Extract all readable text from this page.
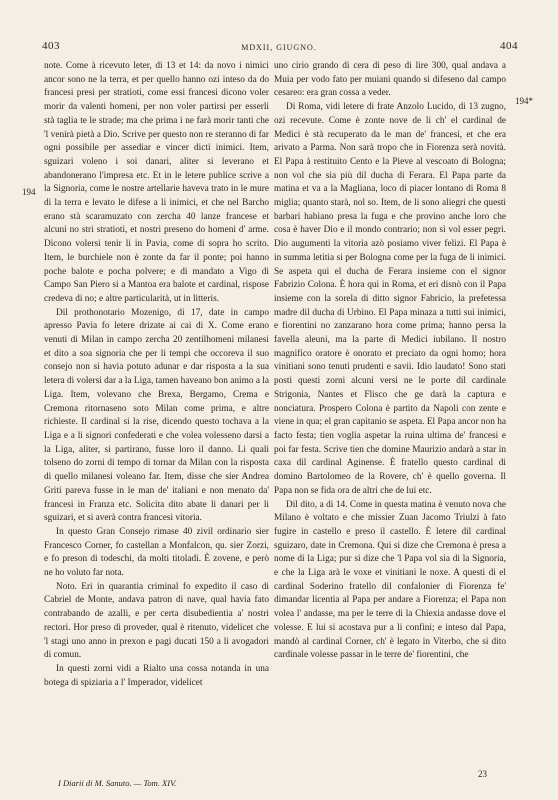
403	MDXII, GIUGNO.	404
194
194*

note. Come à ricevuto leter, di 13 et 14: da novo i nimici ancor sono ne la terra, et per quello hanno ozi inteso da do francesi presi per stratioti, come essi francesi dicono voler morir da valenti homeni, per non voler partirsi per esserli stà taglia te le strade; ma che prima i ne farà morir tanti che 'l venirà pietà a Dio. Scrive per questo non re steranno di far ogni possibile per assediar e vincer dicti inimici. Item, sguizari voleno i soi danari, aliter si leverano et abandonerano l'impresa etc. Et in le letere publice scrive a la Signoria, come le nostre artellarie haveva trato in le mure di la terra e levato le difese a li inimici, et che nel Barcho erano stà scaramuzato con zercha 40 lanze francese et alcuni no stri stratioti, et nostri preseno do homeni d' arme. Dicono volersi tenir li in Pavia, come di sopra ho scrito. Item, le burchiele non è zonte da far il ponte; poi hanno poche balote e pocha polvere; e di mandato a Vigo di Campo San Piero si a Mantoa era balote et cardinal, rispose credeva di no; e altre particularità, ut in litteris.

Dil prothonotario Mozenigo, di 17, date in campo apresso Pavia fo letere drizate ai cai di X. Come erano venuti di Milan in campo zercha 20 zentilhomeni milanesi et dito a soa signoria che per li tempi che occoreva il suo consejo non si havia potuto adunar e dar risposta a la sua letera di volersi dar a la Liga, tamen haveano bon animo a la Liga. Item, volevano che Brexa, Bergamo, Crema e Cremona ritornaseno soto Milan come prima, e altre richieste. Il cardinal si la rise, dicendo questo tochava a la Liga e a li signori confederati e che volea volesseno darsi a la Liga, aliter, si partirano, fusse loro il danno. Li quali tolseno do zorni di tempo di tornar da Milan con la risposta di quello milanesi voleano far. Item, disse che sier Andrea Griti pareva fusse in le man de' italiani e non menato da' francesi in Franza etc. Solicita dito abate li danari per li sguizari, et si averà contra francesi vitoria.

In questo Gran Consejo rimase 40 zivil ordinario sier Francesco Corner, fo castellan a Monfalcon, qu. sier Zorzi, e fo preson di todeschi, da molti titoladi. È zovene, e però ne ho voluto far nota.

Noto. Eri in quarantia criminal fo expedito il caso di Cabriel de Monte, andava patron di nave, qual havia fato contrabando de azalli, e per certa disubedientia a' nostri rectori. Hor preso di proveder, qual è ritenuto, videlicet che 'l stagi uno anno in prexon e pagi ducati 150 a li avogadori di comun.

In questi zorni vidi a Rialto una cossa notanda in una botega di spiziaria a l' Imperador, videlicet

uno cirio grando di cera di peso di lire 300, qual andava a Muia per vodo fato per muiani quando si difeseno dal campo cesareo: era gran cossa a veder.

Di Roma, vidi letere di frate Anzolo Lucido, di 13 zugno, ozi recevute. Come è zonte nove de li ch' el cardinal de Medici è stà recuperato da le man de' francesi, et che era arivato a Parma. Non sarà tropo che in Fiorenza serà novità. El Papa à restituito Cento e la Pieve al vescoato di Bologna; non vol che sia più dil ducha di Ferara. El Papa parte da matina et va a la Magliana, loco di piacer lontano di Roma 8 miglia; quanto starà, nol so. Item, de li sono aliegri che questi barbari habiano presa la fuga e che provino anche loro che cosa è haver Dio e il mondo contrario; non si vol esser pegri. Dio augumenti la vitoria azò posiamo viver felizi. El Papa è in summa letitia si per Bologna come per la fuga de li inimici. Se aspeta qui el ducha de Ferara insieme con el signor Fabrizio Colona. È hora qui in Roma, et eri disnò con il Papa insieme con la sorela di ditto signor Fabricio, la prefetessa madre dil ducha di Urbino. El Papa minaza a tutti sui inimici, e fiorentini no zanzarano hora come prima; hanno persa la favella aleuni, ma la parte di Medici iubilano. Il nostro magnifico oratore è onorato et preciato da ogni homo; hora vinitiani sono tenuti prudenti e savii. Idio laudato! Sono stati posti questi zorni alcuni versi ne le porte dil cardinale Strigonia, Nantes et Flisco che ge darà la captura e nonciatura. Prospero Colona è partito da Napoli con zente e viene in qua; el gran capitanio se aspeta. El Papa ancor non ha facto festa; tien voglia aspetar la ruina ultima de' francesi e poi far festa. Scrive tien che domine Maurizio andarà a star in caxa dil cardinal Aginense. È fratello questo cardinal di domino Bartolomeo de la Rovere, ch' è quello governa. Il Papa non se fida ora de altri che de lui etc.

Dil dito, a di 14. Come in questa matina è venuto nova che Milano è voltato e che missier Zuan Jacomo Triulzi à fato fugire in castello e preso il castello. È letere dil cardinal sguizaro, date in Cremona. Qui si dize che Cremona è presa a nome di la Liga; pur si dize che 'l Papa vol sia di la Signoria, e che la Liga arà le voxe et vinitiani le noxe. A questi di el cardinal Soderino fratello dil confalonier di Fiorenza fe' dimandar licentia al Papa per andare a Fiorenza; el Papa non volea l' andasse, ma per le terre di la Chiexia andasse dove el volesse. E lui si acostava pur a li confini; e inteso dal Papa, mandò al cardinal Corner, ch' è legato in Viterbo, che si dito cardinale volesse passar in le terre de' fiorentini, che

I Diarii di M. Sanuto. — Tom. XIV.
23
